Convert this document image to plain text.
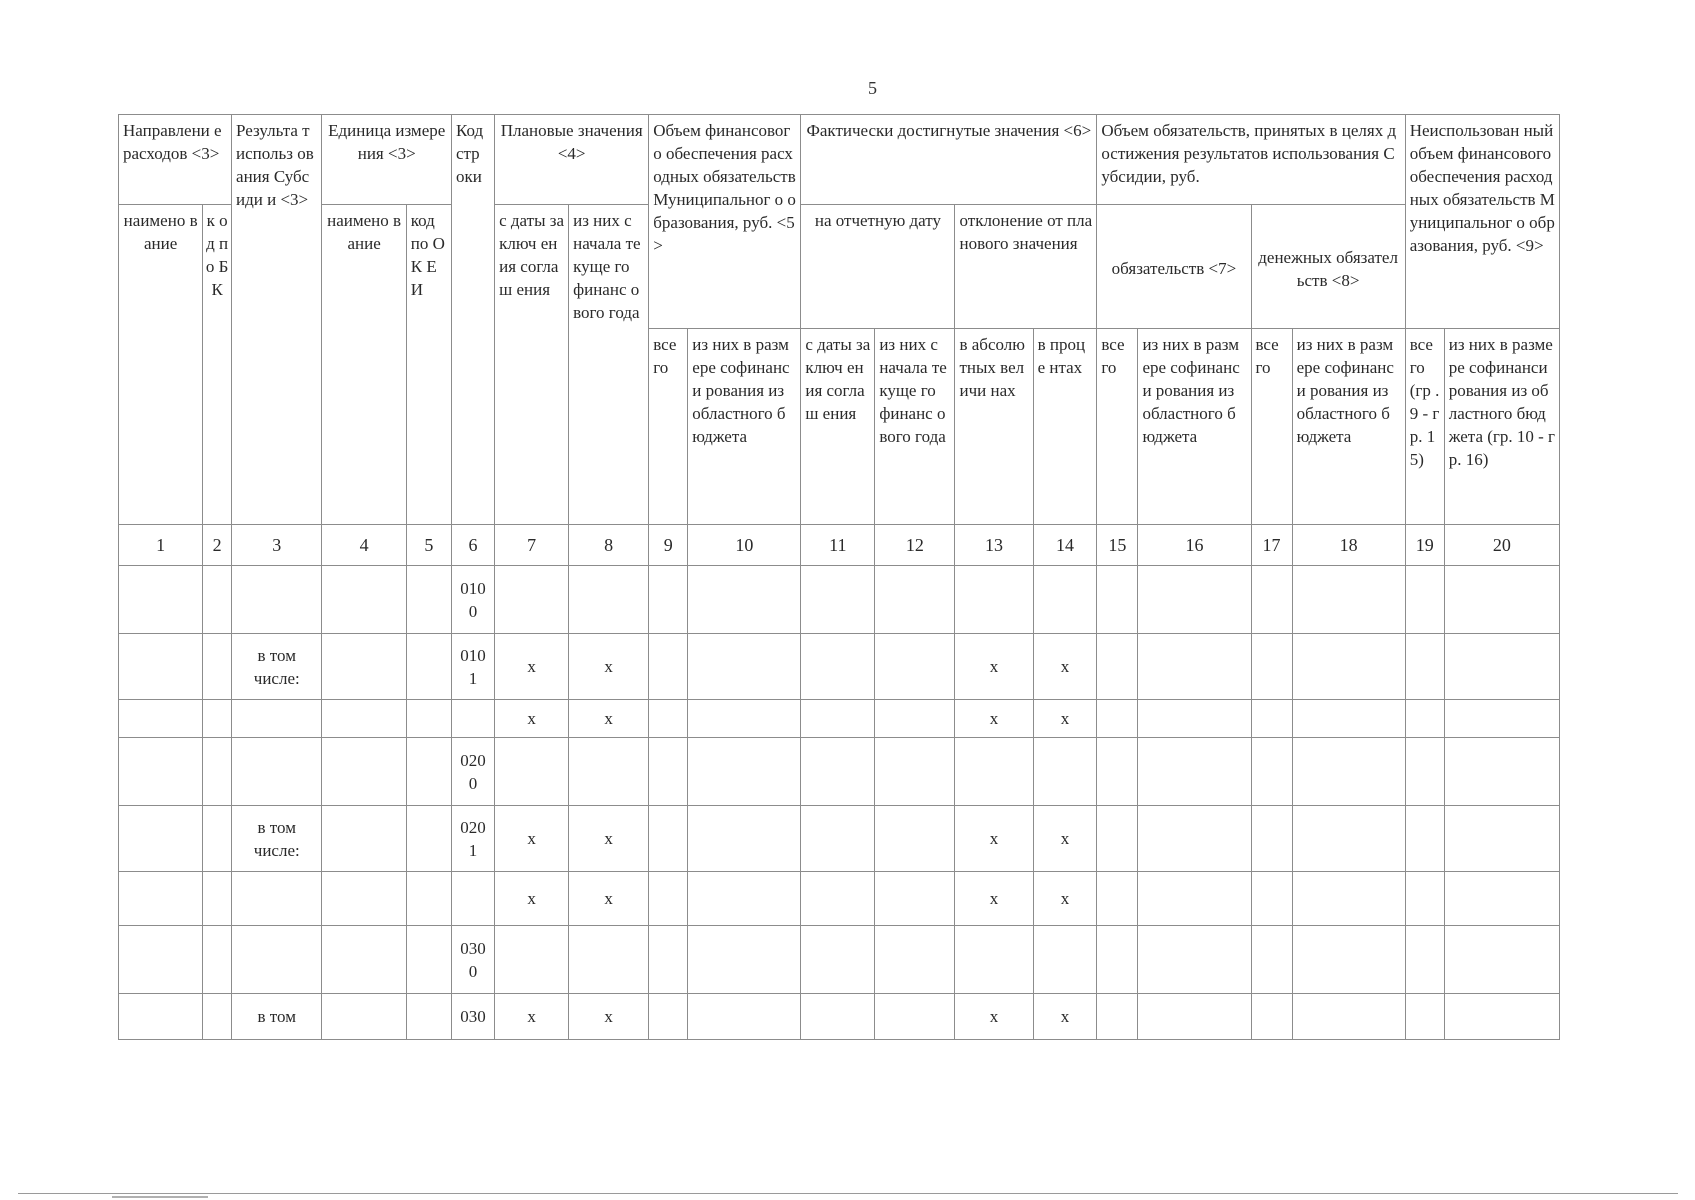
5
Направлени е расходов <3>		Результа т использ ования Субсиди и <3>	Единица измерения <3>		Код стр оки	Плановые значения <4>		Объем финансового обеспечения расходных обязательств Муниципальног о образования, руб. <5>		Фактически достигнутые значения <6>				Объем обязательств, принятых в целях достижения результатов использования Субсидии, руб.				Неиспользован ный объем финансового обеспечения расходных обязательств Муниципальног о образования, руб. <9>	
наимено вание	к о д п о Б К		наимено вание	код по ОК ЕИ		с даты заключ ения соглаш ения	из них с начала текуще го финанс ового года			на отчетную дату		отклонение от планового значения		обязательств <7>		денежных обязательств <8>			
								все го	из них в размере софинанси рования из областного бюджета	с даты заключ ения соглаш ения	из них с начала текуще го финанс ового года	в абсолю тных величи нах	в проце нтах	все го	из них в размере софинанси рования из областного бюджета	все го	из них в размере софинанси рования из областного бюджета	все го (гр . 9 - гр. 15)	из них в размере софинанси рования из областного бюджета (гр. 10 - гр. 16)
1	2	3	4	5	6	7	8	9	10	11	12	13	14	15	16	17	18	19	20
					010 0														
		в том числе:			010 1	х	х					х	х						
						х	х					х	х						
					020 0														
		в том числе:			020 1	х	х					х	х						
						х	х					х	х						
					030 0														
		в том			030	х	х					х	х						
